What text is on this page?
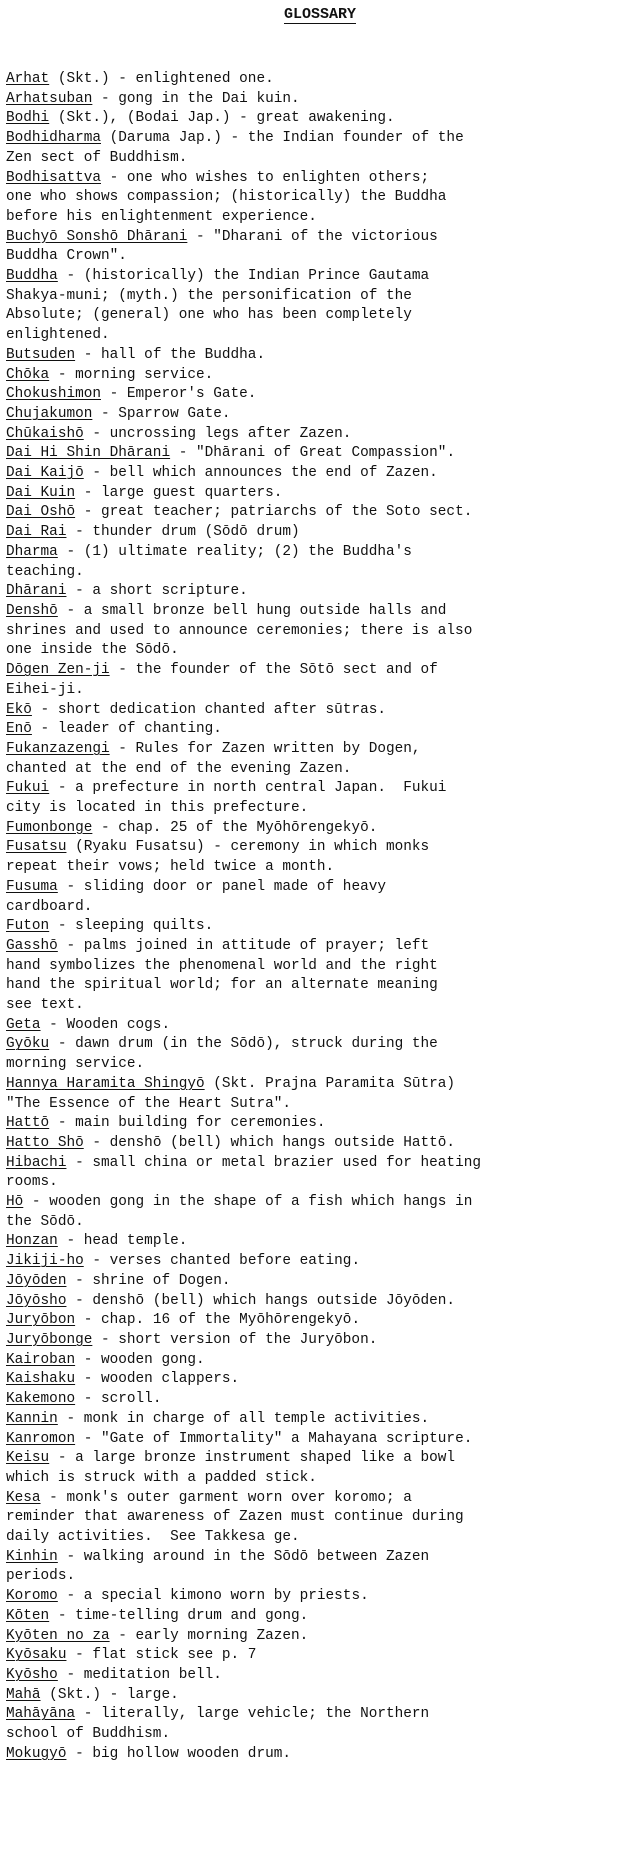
GLOSSARY
Arhat (Skt.) - enlightened one.
Arhatsuban - gong in the Dai kuin.
Bodhi (Skt.), (Bodai Jap.) - great awakening.
Bodhidharma (Daruma Jap.) - the Indian founder of the
Zen sect of Buddhism.
Bodhisattva - one who wishes to enlighten others;
one who shows compassion; (historically) the Buddha
before his enlightenment experience.
Buchyō Sonshō Dhārani - "Dharani of the victorious
Buddha Crown".
Buddha - (historically) the Indian Prince Gautama
Shakya-muni; (myth.) the personification of the
Absolute; (general) one who has been completely
enlightened.
Butsuden - hall of the Buddha.
Chōka - morning service.
Chokushimon - Emperor's Gate.
Chujakumon - Sparrow Gate.
Chūkaishō - uncrossing legs after Zazen.
Dai Hi Shin Dhārani - "Dhārani of Great Compassion".
Dai Kaijō - bell which announces the end of Zazen.
Dai Kuin - large guest quarters.
Dai Oshō - great teacher; patriarchs of the Soto sect.
Dai Rai - thunder drum (Sōdō drum)
Dharma - (1) ultimate reality; (2) the Buddha's
teaching.
Dhārani - a short scripture.
Denshō - a small bronze bell hung outside halls and
shrines and used to announce ceremonies; there is also
one inside the Sōdō.
Dōgen Zen-ji - the founder of the Sōtō sect and of
Eihei-ji.
Ekō - short dedication chanted after sūtras.
Enō - leader of chanting.
Fukanzazengi - Rules for Zazen written by Dogen,
chanted at the end of the evening Zazen.
Fukui - a prefecture in north central Japan.  Fukui
city is located in this prefecture.
Fumonbonge - chap. 25 of the Myōhōrengekyō.
Fusatsu (Ryaku Fusatsu) - ceremony in which monks
repeat their vows; held twice a month.
Fusuma - sliding door or panel made of heavy
cardboard.
Futon - sleeping quilts.
Gasshō - palms joined in attitude of prayer; left
hand symbolizes the phenomenal world and the right
hand the spiritual world; for an alternate meaning
see text.
Geta - Wooden cogs.
Gyōku - dawn drum (in the Sōdō), struck during the
morning service.
Hannya Haramita Shingyō (Skt. Prajna Paramita Sūtra)
"The Essence of the Heart Sutra".
Hattō - main building for ceremonies.
Hatto Shō - denshō (bell) which hangs outside Hattō.
Hibachi - small china or metal brazier used for heating
rooms.
Hō - wooden gong in the shape of a fish which hangs in
the Sōdō.
Honzan - head temple.
Jikiji-ho - verses chanted before eating.
Jōyōden - shrine of Dogen.
Jōyōsho - denshō (bell) which hangs outside Jōyōden.
Juryōbon - chap. 16 of the Myōhōrengekyō.
Juryōbonge - short version of the Juryōbon.
Kairoban - wooden gong.
Kaishaku - wooden clappers.
Kakemono - scroll.
Kannin - monk in charge of all temple activities.
Kanromon - "Gate of Immortality" a Mahayana scripture.
Keisu - a large bronze instrument shaped like a bowl
which is struck with a padded stick.
Kesa - monk's outer garment worn over koromo; a
reminder that awareness of Zazen must continue during
daily activities.  See Takkesa ge.
Kinhin - walking around in the Sōdō between Zazen
periods.
Koromo - a special kimono worn by priests.
Kōten - time-telling drum and gong.
Kyōten no za - early morning Zazen.
Kyōsaku - flat stick see p. 7
Kyōsho - meditation bell.
Mahā (Skt.) - large.
Mahāyāna - literally, large vehicle; the Northern
school of Buddhism.
Mokugyō - big hollow wooden drum.
